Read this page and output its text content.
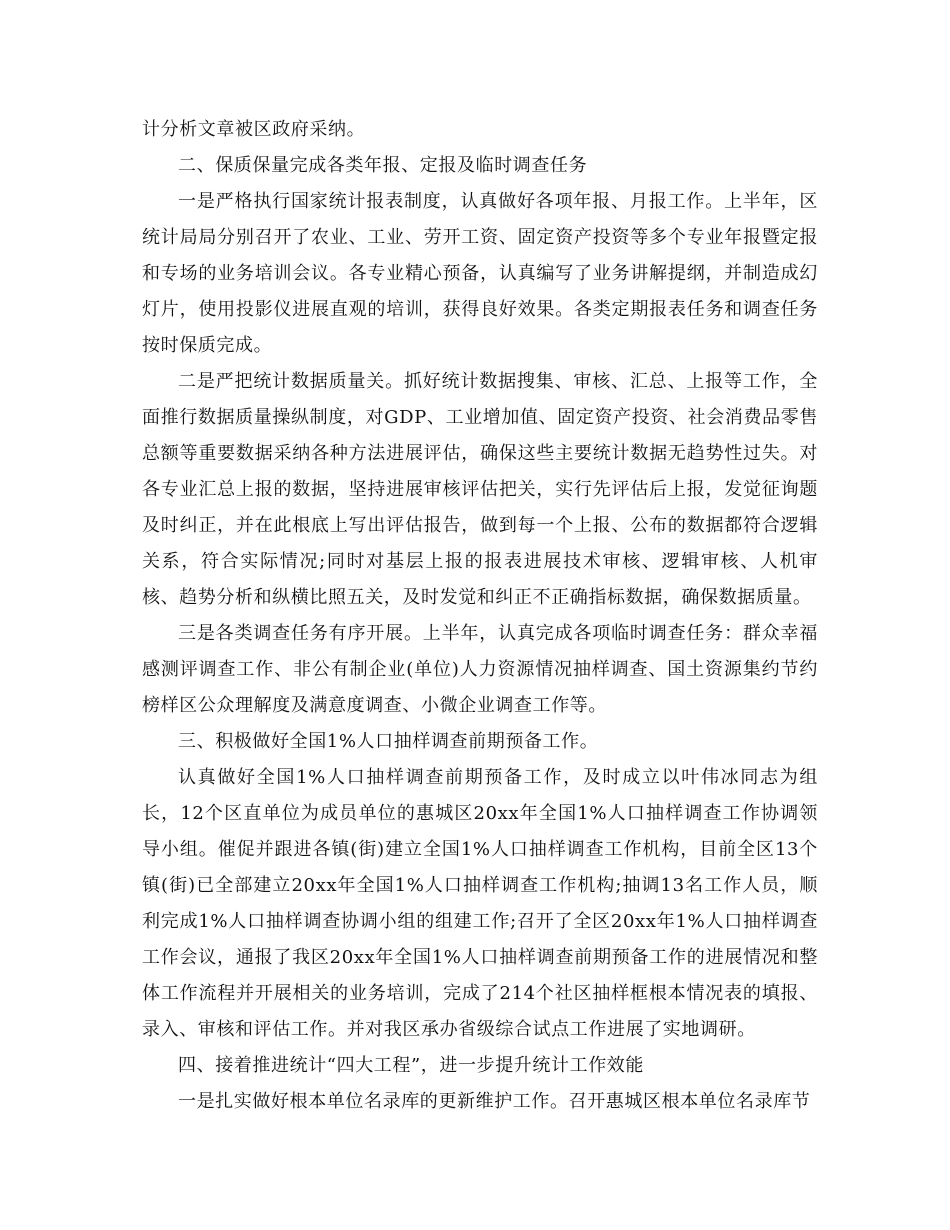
计分析文章被区政府采纳。

二、保质保量完成各类年报、定报及临时调查任务

一是严格执行国家统计报表制度，认真做好各项年报、月报工作。上半年，区统计局局分别召开了农业、工业、劳开工资、固定资产投资等多个专业年报暨定报和专场的业务培训会议。各专业精心预备，认真编写了业务讲解提纲，并制造成幻灯片，使用投影仪进展直观的培训，获得良好效果。各类定期报表任务和调查任务按时保质完成。

二是严把统计数据质量关。抓好统计数据搜集、审核、汇总、上报等工作，全面推行数据质量操纵制度，对GDP、工业增加值、固定资产投资、社会消费品零售总额等重要数据采纳各种方法进展评估，确保这些主要统计数据无趋势性过失。对各专业汇总上报的数据，坚持进展审核评估把关，实行先评估后上报，发觉征询题及时纠正，并在此根底上写出评估报告，做到每一个上报、公布的数据都符合逻辑关系，符合实际情况;同时对基层上报的报表进展技术审核、逻辑审核、人机审核、趋势分析和纵横比照五关，及时发觉和纠正不正确指标数据，确保数据质量。

三是各类调查任务有序开展。上半年，认真完成各项临时调查任务：群众幸福感测评调查工作、非公有制企业(单位)人力资源情况抽样调查、国土资源集约节约榜样区公众理解度及满意度调查、小微企业调查工作等。

三、积极做好全国1%人口抽样调查前期预备工作。

认真做好全国1%人口抽样调查前期预备工作，及时成立以叶伟冰同志为组长，12个区直单位为成员单位的惠城区20xx年全国1%人口抽样调查工作协调领导小组。催促并跟进各镇(街)建立全国1%人口抽样调查工作机构，目前全区13个镇(街)已全部建立20xx年全国1%人口抽样调查工作机构;抽调13名工作人员，顺利完成1%人口抽样调查协调小组的组建工作;召开了全区20xx年1%人口抽样调查工作会议，通报了我区20xx年全国1%人口抽样调查前期预备工作的进展情况和整体工作流程并开展相关的业务培训，完成了214个社区抽样框根本情况表的填报、录入、审核和评估工作。并对我区承办省级综合试点工作进展了实地调研。

四、接着推进统计“四大工程”，进一步提升统计工作效能

一是扎实做好根本单位名录库的更新维护工作。召开惠城区根本单位名录库节
